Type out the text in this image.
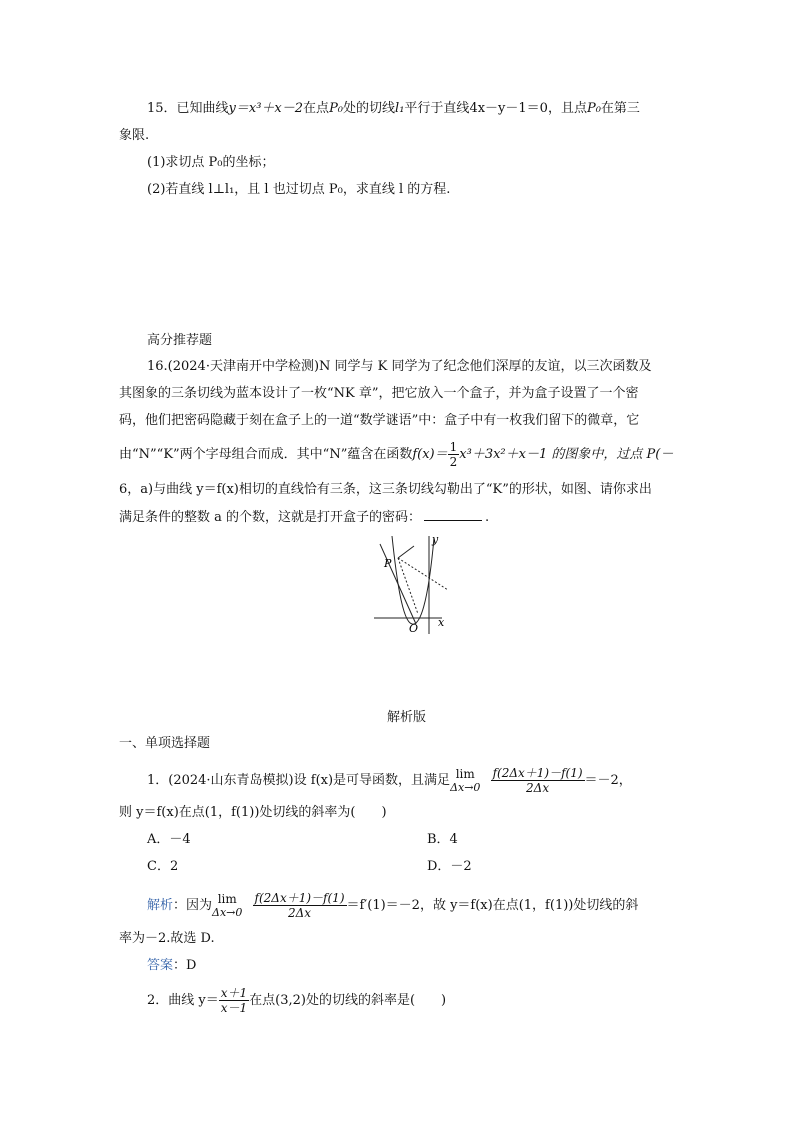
15．已知曲线y＝x³＋x－2在点P₀处的切线l₁平行于直线4x－y－1＝0，且点P₀在第三
象限.
(1)求切点 P₀的坐标；
(2)若直线 l⊥l₁，且 l 也过切点 P₀，求直线 l 的方程.
高分推荐题
16.(2024·天津南开中学检测)N 同学与 K 同学为了纪念他们深厚的友谊，以三次函数及
其图象的三条切线为蓝本设计了一枚“NK 章”，把它放入一个盒子，并为盒子设置了一个密
码，他们把密码隐藏于刻在盒子上的一道“数学谜语”中：盒子中有一枚我们留下的微章，它
由“N”“K”两个字母组合而成．其中“N”蕴含在函数$f(x)= \frac{1}{2} x^3+3x^2+x-1$ 的图象中，过点 P(－
6，a)与曲线 y＝f(x)相切的直线恰有三条，这三条切线勾勒出了“K”的形状，如图、请你求出
满足条件的整数 a 的个数，这就是打开盒子的密码：	.
P
y
x
O
解析版
一、单项选择题
1．(2024·山东青岛模拟)设 f(x)是可导函数，且满足 lim
Δx→0
$\frac{f(2\Delta x+1)-f(1)}{2\Delta x} =-2$，
则 y＝f(x)在点(1，f(1))处切线的斜率为(　　)
A．－4	B．4
C．2	D．－2
解析：因为 lim
Δx→0
$\frac{f(2\Delta x+1)-f(1)}{2\Delta x} =f'(1)=-2$，故 y＝f(x)在点(1，f(1))处切线的斜
率为－2.故选 D.
答案：D
2．曲线 $y= \frac{x+1}{x-1}$ 在点(3,2)处的切线的斜率是(　　)
